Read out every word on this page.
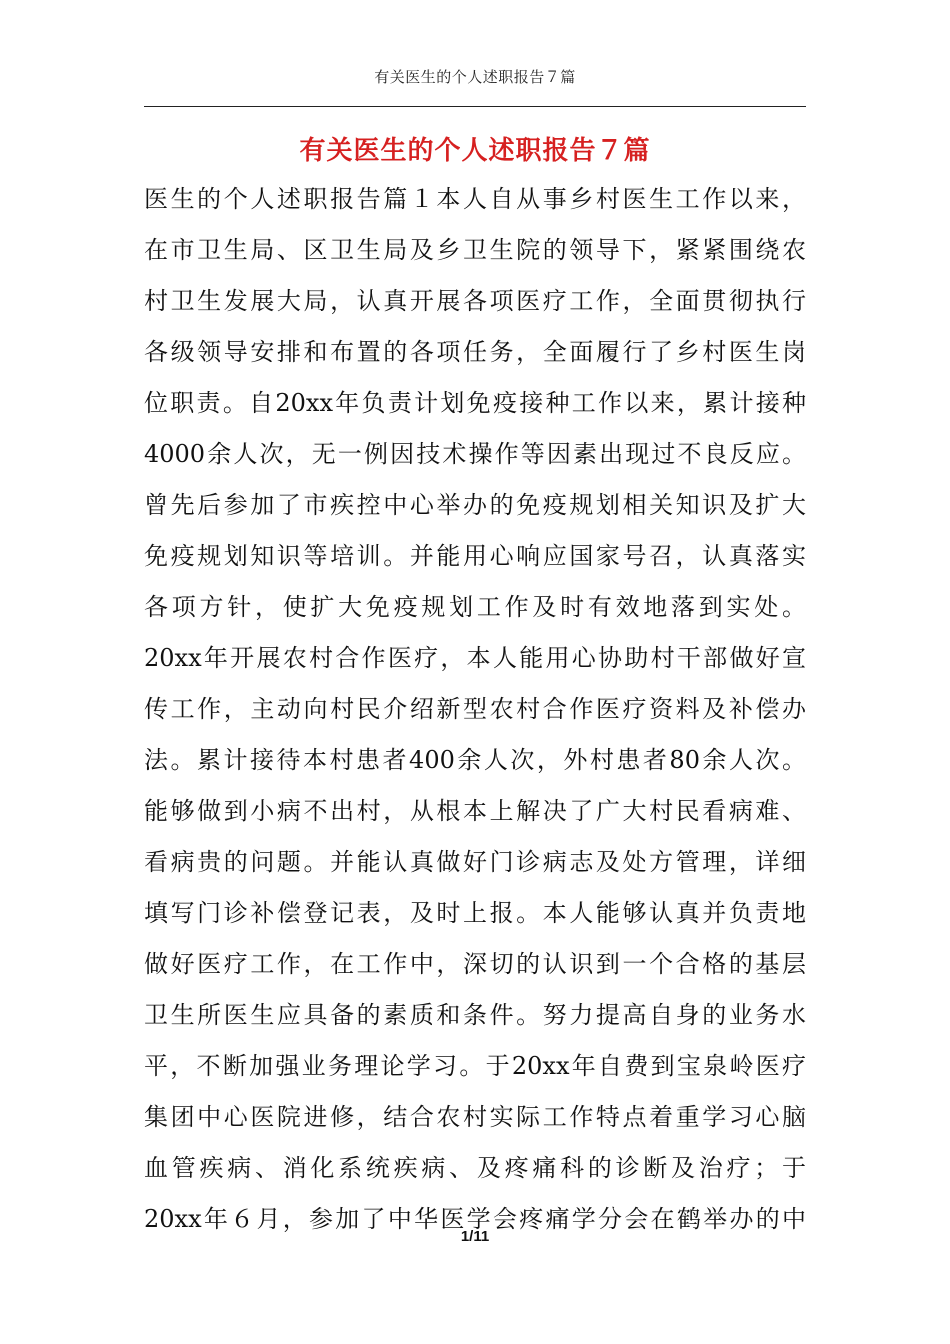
有关医生的个人述职报告７篇
有关医生的个人述职报告７篇
医生的个人述职报告篇１本人自从事乡村医生工作以来，
在市卫生局、区卫生局及乡卫生院的领导下，紧紧围绕农
村卫生发展大局，认真开展各项医疗工作，全面贯彻执行
各级领导安排和布置的各项任务，全面履行了乡村医生岗
位职责。自20xx年负责计划免疫接种工作以来，累计接种
4000余人次，无一例因技术操作等因素出现过不良反应。
曾先后参加了市疾控中心举办的免疫规划相关知识及扩大
免疫规划知识等培训。并能用心响应国家号召，认真落实
各项方针，使扩大免疫规划工作及时有效地落到实处。
20xx年开展农村合作医疗，本人能用心协助村干部做好宣
传工作，主动向村民介绍新型农村合作医疗资料及补偿办
法。累计接待本村患者400余人次，外村患者80余人次。
能够做到小病不出村，从根本上解决了广大村民看病难、
看病贵的问题。并能认真做好门诊病志及处方管理，详细
填写门诊补偿登记表，及时上报。本人能够认真并负责地
做好医疗工作，在工作中，深切的认识到一个合格的基层
卫生所医生应具备的素质和条件。努力提高自身的业务水
平，不断加强业务理论学习。于20xx年自费到宝泉岭医疗
集团中心医院进修，结合农村实际工作特点着重学习心脑
血管疾病、消化系统疾病、及疼痛科的诊断及治疗；于
20xx年６月，参加了中华医学会疼痛学分会在鹤举办的中
1/11
